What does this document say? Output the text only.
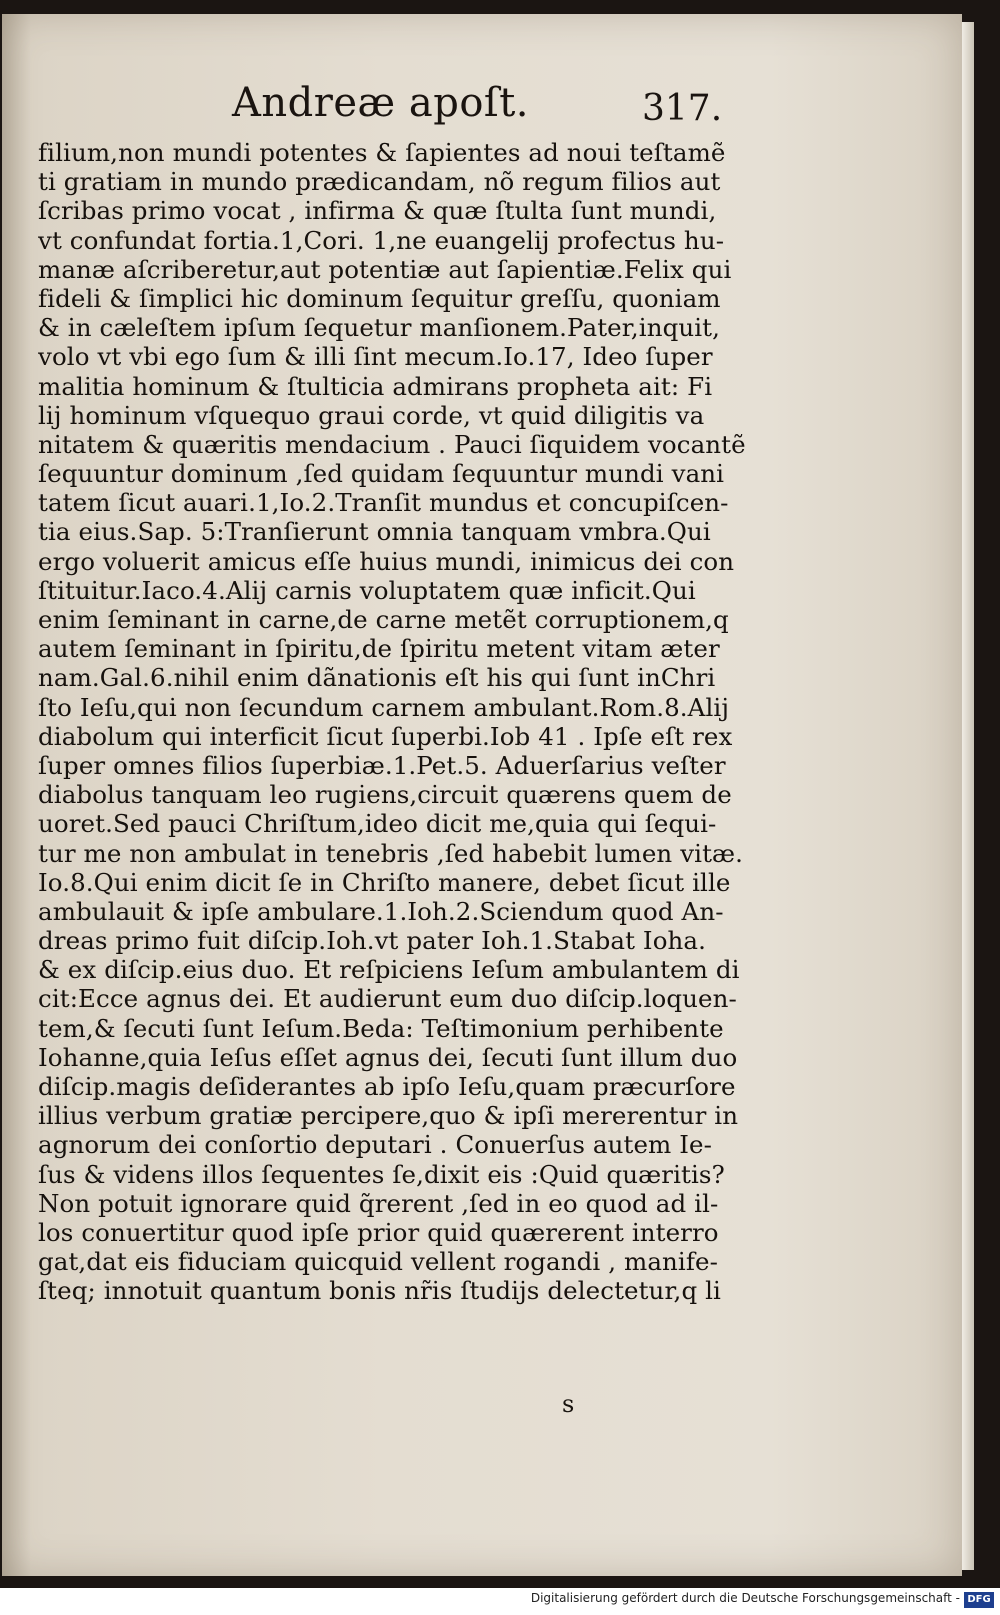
Andreæ apoſt.	317.
filium,non mundi potentes & ſapientes ad noui teſtamẽ
ti gratiam in mundo prædicandam, nõ regum filios aut
ſcribas primo vocat , infirma & quæ ſtulta ſunt mundi,
vt confundat fortia.1,Cori. 1,ne euangelij profectus hu-
manæ aſcriberetur,aut potentiæ aut ſapientiæ.Felix qui
fideli & ſimplici hic dominum ſequitur greſſu, quoniam
& in cæleſtem ipſum ſequetur manſionem.Pater,inquit,
volo vt vbi ego ſum & illi ſint mecum.Io.17, Ideo ſuper
malitia hominum & ſtulticia admirans propheta ait: Fi
lij hominum vſquequo graui corde, vt quid diligitis va
nitatem & quæritis mendacium . Pauci ſiquidem vocantẽ
ſequuntur dominum ,ſed quidam ſequuntur mundi vani
tatem ſicut auari.1,Io.2.Tranſit mundus et concupiſcen-
tia eius.Sap. 5:Tranſierunt omnia tanquam vmbra.Qui
ergo voluerit amicus eſſe huius mundi, inimicus dei con
ſtituitur.Iaco.4.Alij carnis voluptatem quæ inficit.Qui
enim ſeminant in carne,de carne metẽt corruptionem,q
autem ſeminant in ſpiritu,de ſpiritu metent vitam æter
nam.Gal.6.nihil enim dãnationis eſt his qui ſunt inChri
ſto Ieſu,qui non ſecundum carnem ambulant.Rom.8.Alij
diabolum qui interficit ſicut ſuperbi.Iob 41 . Ipſe eſt rex
ſuper omnes filios ſuperbiæ.1.Pet.5. Aduerſarius veſter
diabolus tanquam leo rugiens,circuit quærens quem de
uoret.Sed pauci Chriſtum,ideo dicit me,quia qui ſequi-
tur me non ambulat in tenebris ,ſed habebit lumen vitæ.
Io.8.Qui enim dicit ſe in Chriſto manere, debet ſicut ille
ambulauit & ipſe ambulare.1.Ioh.2.Sciendum quod An-
dreas primo fuit diſcip.Ioh.vt pater Ioh.1.Stabat Ioha.
& ex diſcip.eius duo. Et reſpiciens Ieſum ambulantem di
cit:Ecce agnus dei. Et audierunt eum duo diſcip.loquen-
tem,& ſecuti ſunt Ieſum.Beda: Teſtimonium perhibente
Iohanne,quia Ieſus eſſet agnus dei, ſecuti ſunt illum duo
diſcip.magis deſiderantes ab ipſo Ieſu,quam præcurſore
illius verbum gratiæ percipere,quo & ipſi mererentur in
agnorum dei conſortio deputari . Conuerſus autem Ie-
ſus & videns illos ſequentes ſe,dixit eis :Quid quæritis?
Non potuit ignorare quid q̃rerent ,ſed in eo quod ad il-
los conuertitur quod ipſe prior quid quærerent interro
gat,dat eis fiduciam quicquid vellent rogandi , manife-
ſteq; innotuit quantum bonis nr̃is ſtudijs delectetur,q li
s
Digitalisierung gefördert durch die Deutsche Forschungsgemeinschaft - DFG
